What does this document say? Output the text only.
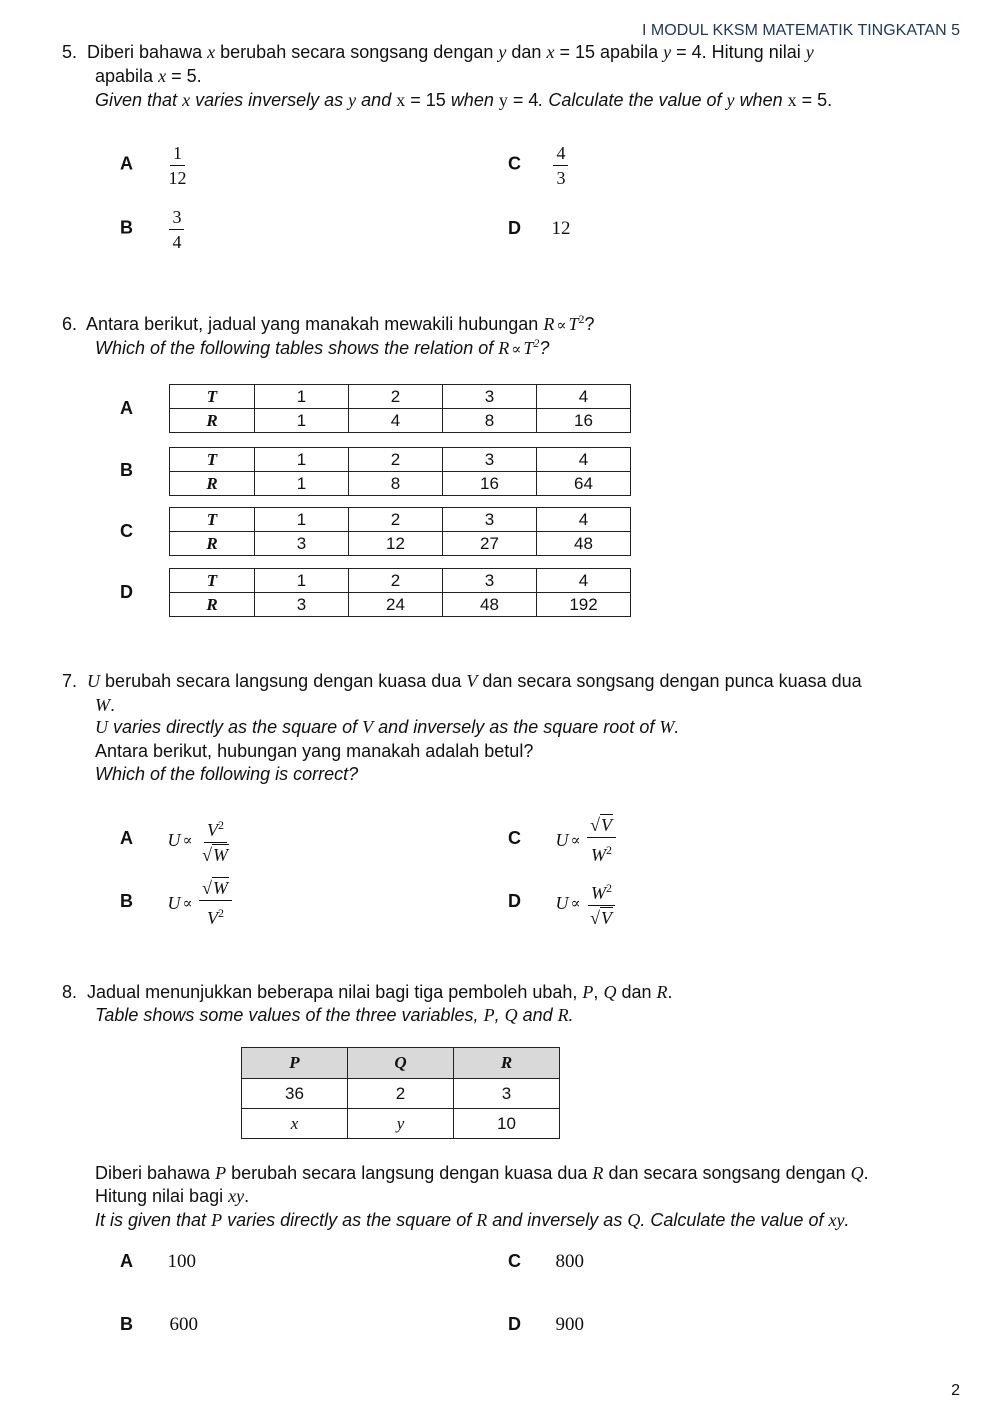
I MODUL KKSM MATEMATIK TINGKATAN 5
5. Diberi bahawa x berubah secara songsang dengan y dan x = 15 apabila y = 4. Hitung nilai y
apabila x = 5.
Given that x varies inversely as y and x = 15 when y = 4. Calculate the value of y when x = 5.
A $\frac{1}{12}$	C $\frac{4}{3}$
B $\frac{3}{4}$	D 12
6. Antara berikut, jadual yang manakah mewakili hubungan $R \propto T^2$?
Which of the following tables shows the relation of $R \propto T^2$?
A
T	1	2	3	4
R	1	4	8	16
B
T	1	2	3	4
R	1	8	16	64
C
T	1	2	3	4
R	3	12	27	48
D
T	1	2	3	4
R	3	24	48	192
7. U berubah secara langsung dengan kuasa dua V dan secara songsang dengan punca kuasa dua
W.
U varies directly as the square of V and inversely as the square root of W.
Antara berikut, hubungan yang manakah adalah betul?
Which of the following is correct?
A $U \propto \frac{V^2}{√W}$	C $U \propto \frac{√V}{W^2}$
B $U \propto \frac{√W}{V^2}$	D $U \propto \frac{W^2}{√V}$
8. Jadual menunjukkan beberapa nilai bagi tiga pemboleh ubah, P, Q dan R.
Table shows some values of the three variables, P, Q and R.
P	Q	R
36	2	3
x	y	10
Diberi bahawa P berubah secara langsung dengan kuasa dua R dan secara songsang dengan Q.
Hitung nilai bagi xy.
It is given that P varies directly as the square of R and inversely as Q. Calculate the value of xy.
A 100	C 800
B 600	D 900
2
